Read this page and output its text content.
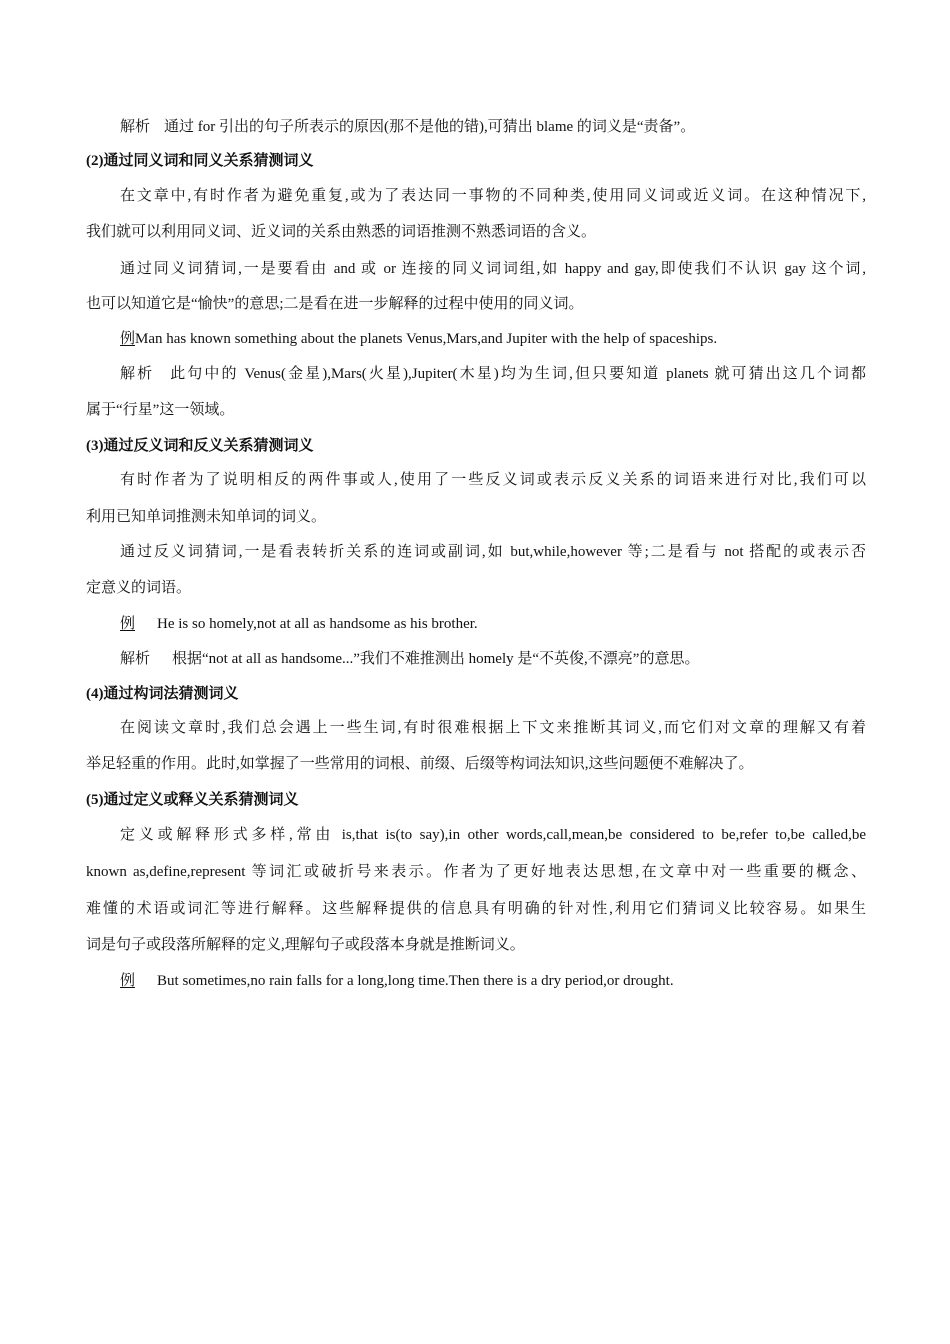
解析 通过 for 引出的句子所表示的原因(那不是他的错),可猜出 blame 的词义是“责备”。
(2)通过同义词和同义关系猜测词义
在文章中,有时作者为避免重复,或为了表达同一事物的不同种类,使用同义词或近义词。在这种情况下,
我们就可以利用同义词、近义词的关系由熟悉的词语推测不熟悉词语的含义。
通过同义词猜词,一是要看由 and 或 or 连接的同义词词组,如 happy and gay,即使我们不认识 gay 这个词,
也可以知道它是“愉快”的意思;二是看在进一步解释的过程中使用的同义词。
例Man has known something about the planets Venus,Mars,and Jupiter with the help of spaceships.
解析 此句中的 Venus(金星),Mars(火星),Jupiter(木星)均为生词,但只要知道 planets 就可猜出这几个词都
属于“行星”这一领域。
(3)通过反义词和反义关系猜测词义
有时作者为了说明相反的两件事或人,使用了一些反义词或表示反义关系的词语来进行对比,我们可以
利用已知单词推测未知单词的词义。
通过反义词猜词,一是看表转折关系的连词或副词,如 but,while,however 等;二是看与 not 搭配的或表示否
定意义的词语。
例 He is so homely,not at all as handsome as his brother.
解析 根据“not at all as handsome...”我们不难推测出 homely 是“不英俊,不漂亮”的意思。
(4)通过构词法猜测词义
在阅读文章时,我们总会遇上一些生词,有时很难根据上下文来推断其词义,而它们对文章的理解又有着
举足轻重的作用。此时,如掌握了一些常用的词根、前缀、后缀等构词法知识,这些问题便不难解决了。
(5)通过定义或释义关系猜测词义
定义或解释形式多样,常由 is,that is(to say),in other words,call,mean,be considered to be,refer to,be called,be
known as,define,represent 等词汇或破折号来表示。作者为了更好地表达思想,在文章中对一些重要的概念、
难懂的术语或词汇等进行解释。这些解释提供的信息具有明确的针对性,利用它们猜词义比较容易。如果生
词是句子或段落所解释的定义,理解句子或段落本身就是推断词义。
例 But sometimes,no rain falls for a long,long time.Then there is a dry period,or drought.
